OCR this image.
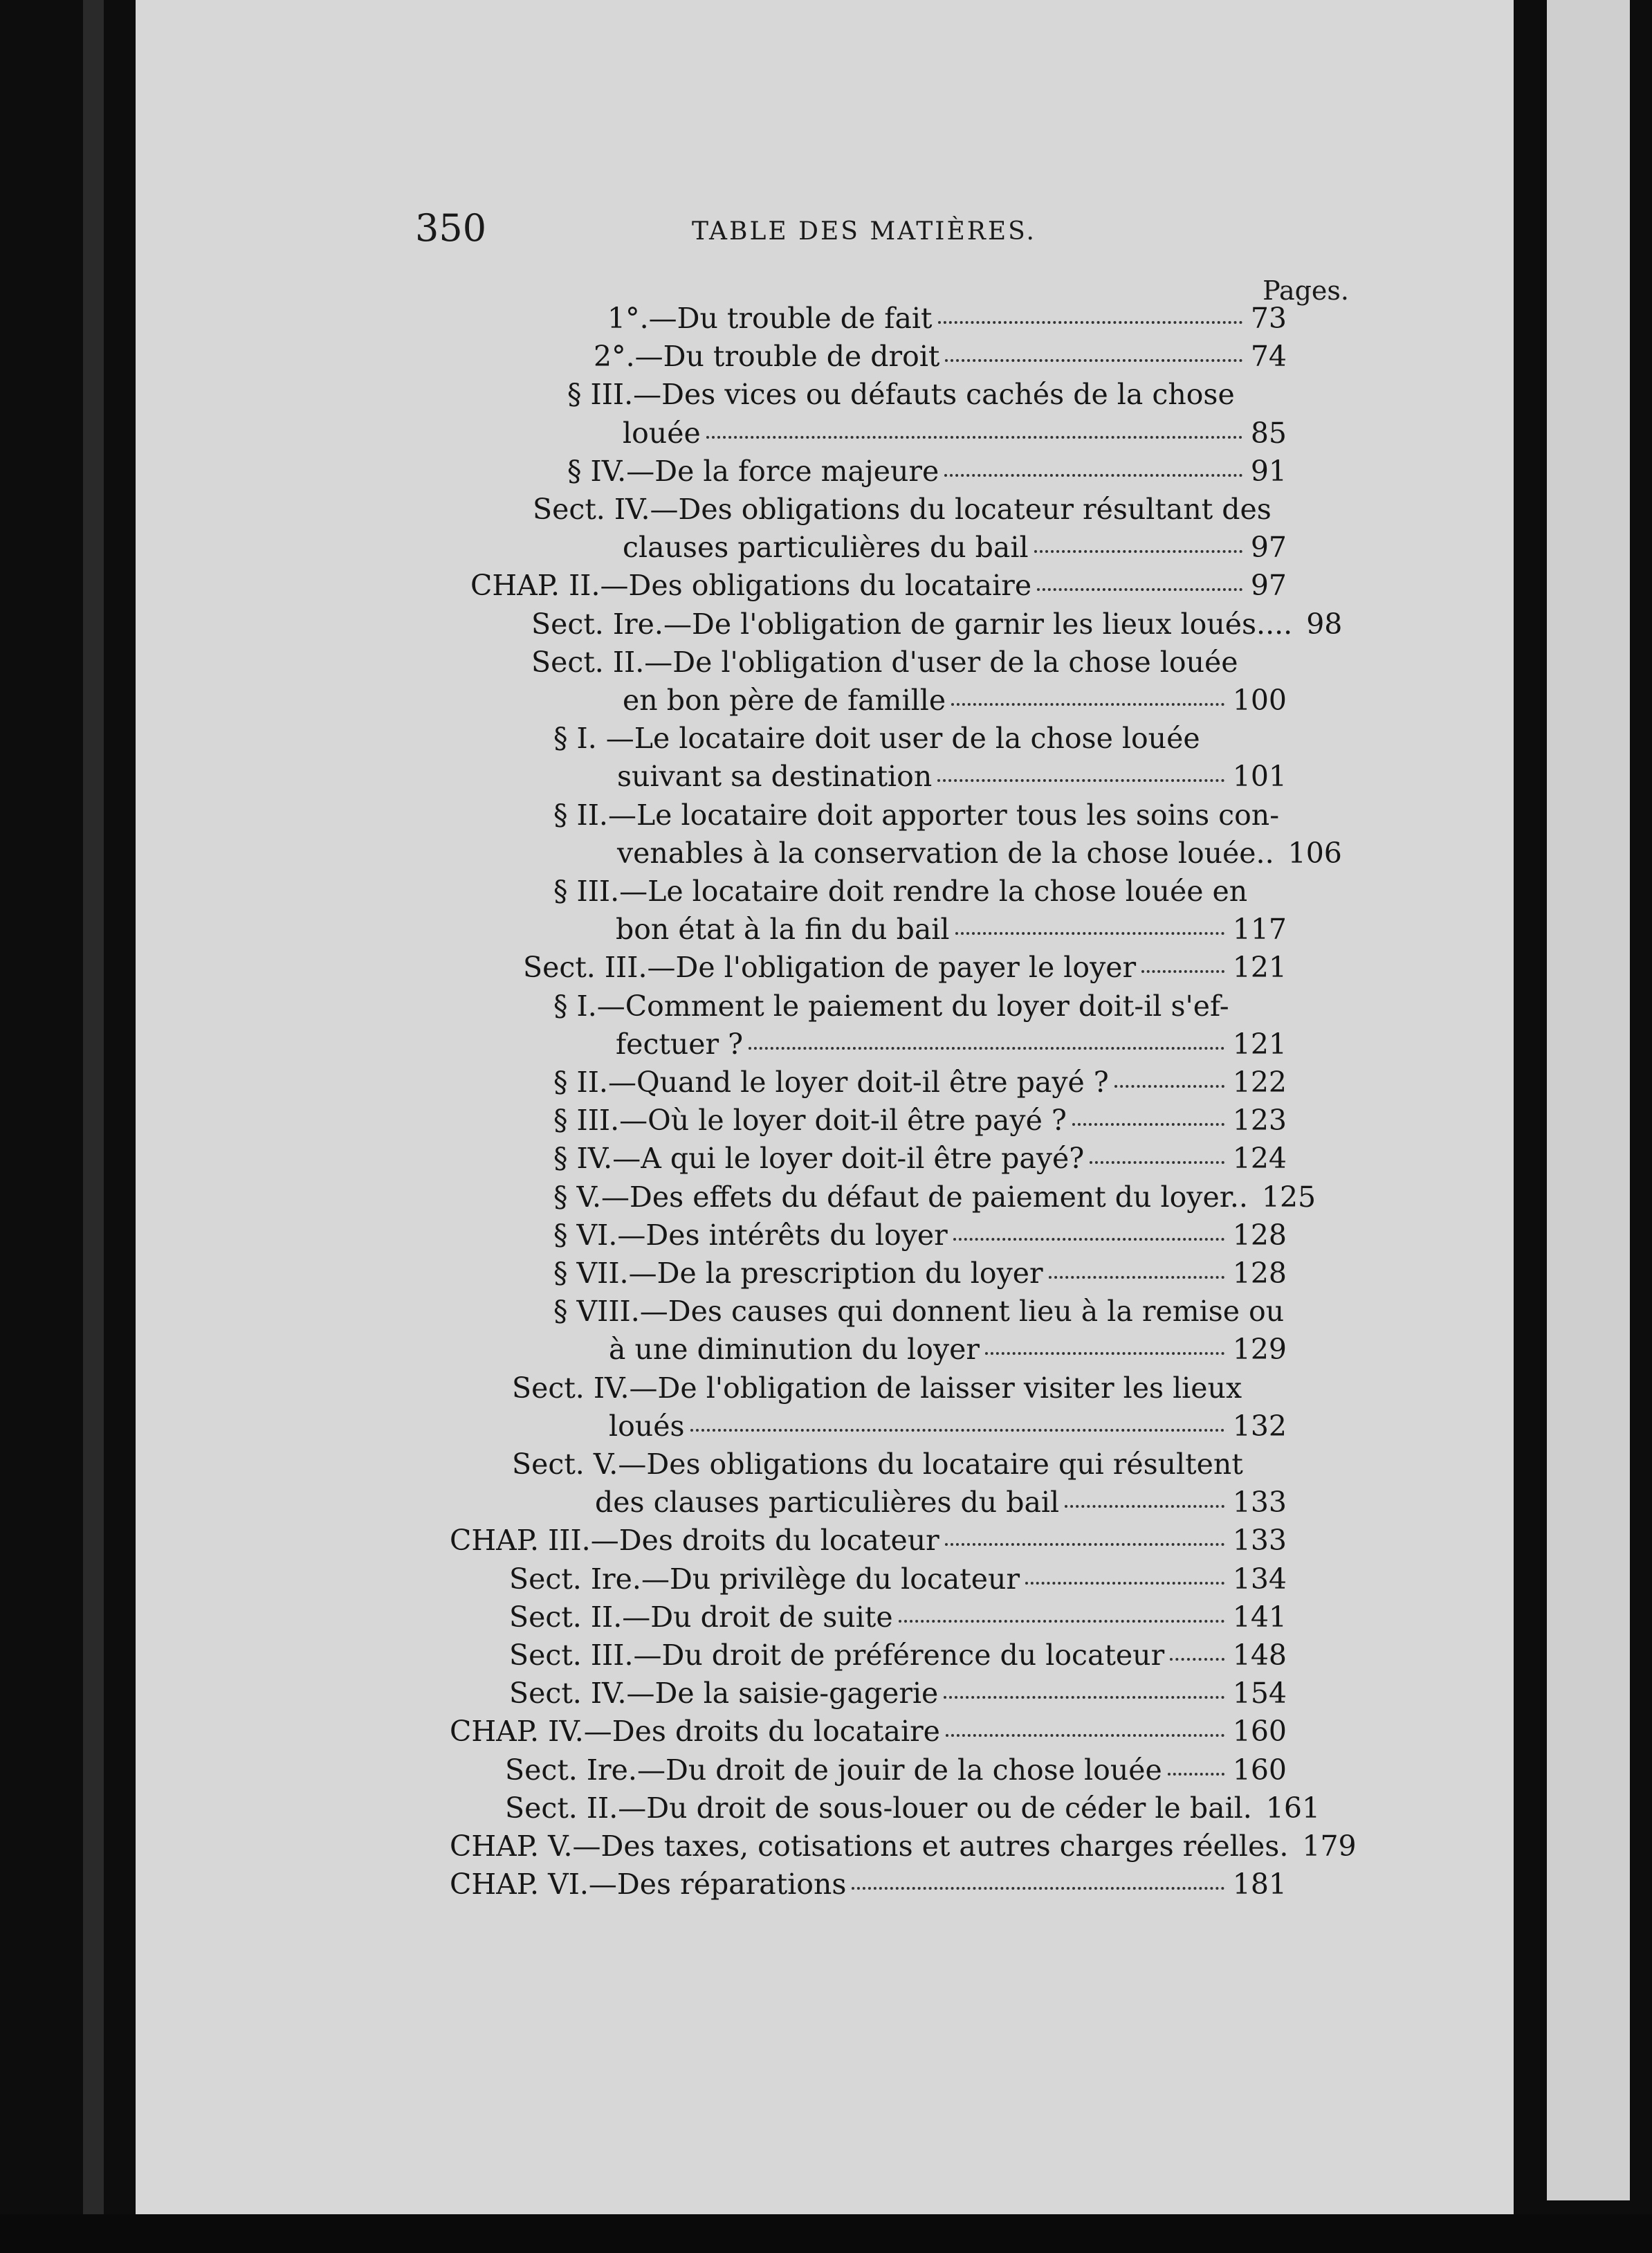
350	TABLE DES MATIÈRES.
Pages.
1°.—Du trouble de fait	73
2°.—Du trouble de droit	74
§ III.—Des vices ou défauts cachés de la chose
louée	85
§ IV.—De la force majeure	91
Sect. IV.—Des obligations du locateur résultant des
clauses particulières du bail	97
CHAP. II.—Des obligations du locataire	97
Sect. Ire.—De l'obligation de garnir les lieux loués.... 98
Sect. II.—De l'obligation d'user de la chose louée
en bon père de famille	100
§ I. —Le locataire doit user de la chose louée
suivant sa destination	101
§ II.—Le locataire doit apporter tous les soins con-
venables à la conservation de la chose louée.. 106
§ III.—Le locataire doit rendre la chose louée en
bon état à la fin du bail	117
Sect. III.—De l'obligation de payer le loyer	121
§ I.—Comment le paiement du loyer doit-il s'ef-
fectuer ?	121
§ II.—Quand le loyer doit-il être payé ?	122
§ III.—Où le loyer doit-il être payé ?	123
§ IV.—A qui le loyer doit-il être payé?	124
§ V.—Des effets du défaut de paiement du loyer.. 125
§ VI.—Des intérêts du loyer	128
§ VII.—De la prescription du loyer	128
§ VIII.—Des causes qui donnent lieu à la remise ou
à une diminution du loyer	129
Sect. IV.—De l'obligation de laisser visiter les lieux
loués	132
Sect. V.—Des obligations du locataire qui résultent
des clauses particulières du bail	133
CHAP. III.—Des droits du locateur	133
Sect. Ire.—Du privilège du locateur	134
Sect. II.—Du droit de suite	141
Sect. III.—Du droit de préférence du locateur 148
Sect. IV.—De la saisie-gagerie	154
CHAP. IV.—Des droits du locataire	160
Sect. Ire.—Du droit de jouir de la chose louée 160
Sect. II.—Du droit de sous-louer ou de céder le bail. 161
CHAP. V.—Des taxes, cotisations et autres charges réelles. 179
CHAP. VI.—Des réparations	181
